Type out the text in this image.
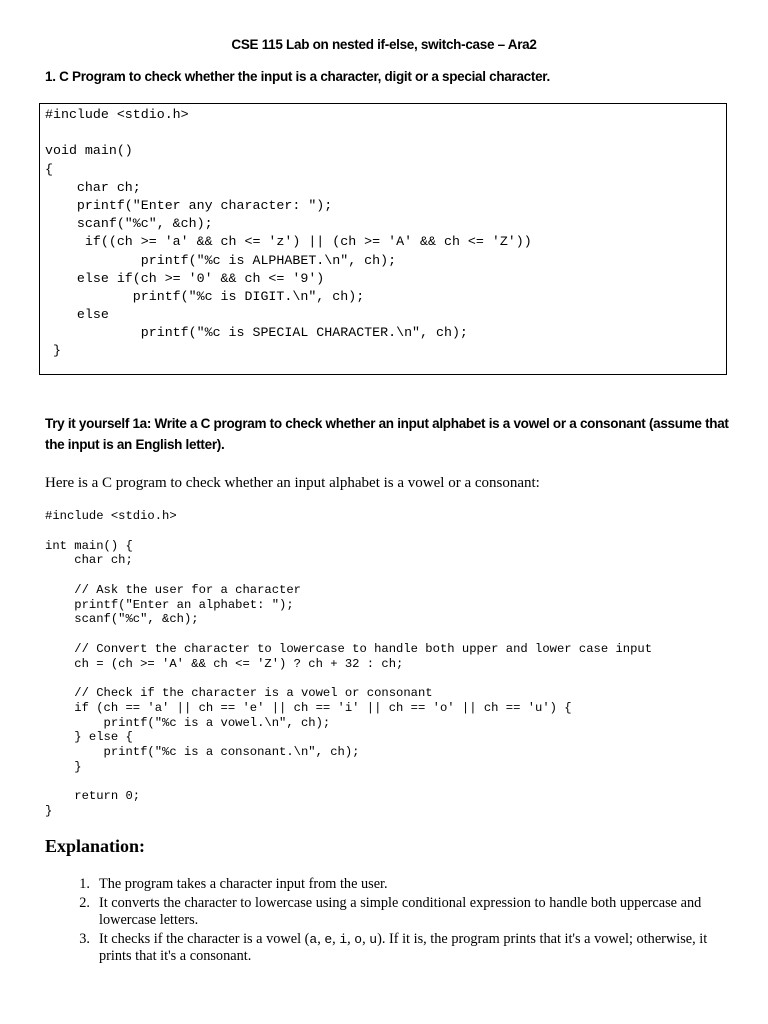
CSE 115 Lab on nested if-else, switch-case – Ara2
1. C Program to check whether the input is a character, digit or a special character.
#include <stdio.h>
void main()
{
char ch;
printf("Enter any character: ");
scanf("%c", &ch);
if((ch >= 'a' && ch <= 'z') || (ch >= 'A' && ch <= 'Z'))
printf("%c is ALPHABET.\n", ch);
else if(ch >= '0' && ch <= '9')
printf("%c is DIGIT.\n", ch);
else
printf("%c is SPECIAL CHARACTER.\n", ch);
}
Try it yourself 1a: Write a C program to check whether an input alphabet is a vowel or a consonant (assume that the input is an English letter).
Here is a C program to check whether an input alphabet is a vowel or a consonant:
#include <stdio.h>
int main() {
char ch;
// Ask the user for a character
printf("Enter an alphabet: ");
scanf("%c", &ch);
// Convert the character to lowercase to handle both upper and lower case input
ch = (ch >= 'A' && ch <= 'Z') ? ch + 32 : ch;
// Check if the character is a vowel or consonant
if (ch == 'a' || ch == 'e' || ch == 'i' || ch == 'o' || ch == 'u') {
printf("%c is a vowel.\n", ch);
} else {
printf("%c is a consonant.\n", ch);
}
return 0;
}
Explanation:
1. The program takes a character input from the user.
2. It converts the character to lowercase using a simple conditional expression to handle both uppercase and lowercase letters.
3. It checks if the character is a vowel (a, e, i, o, u). If it is, the program prints that it's a vowel; otherwise, it prints that it's a consonant.
